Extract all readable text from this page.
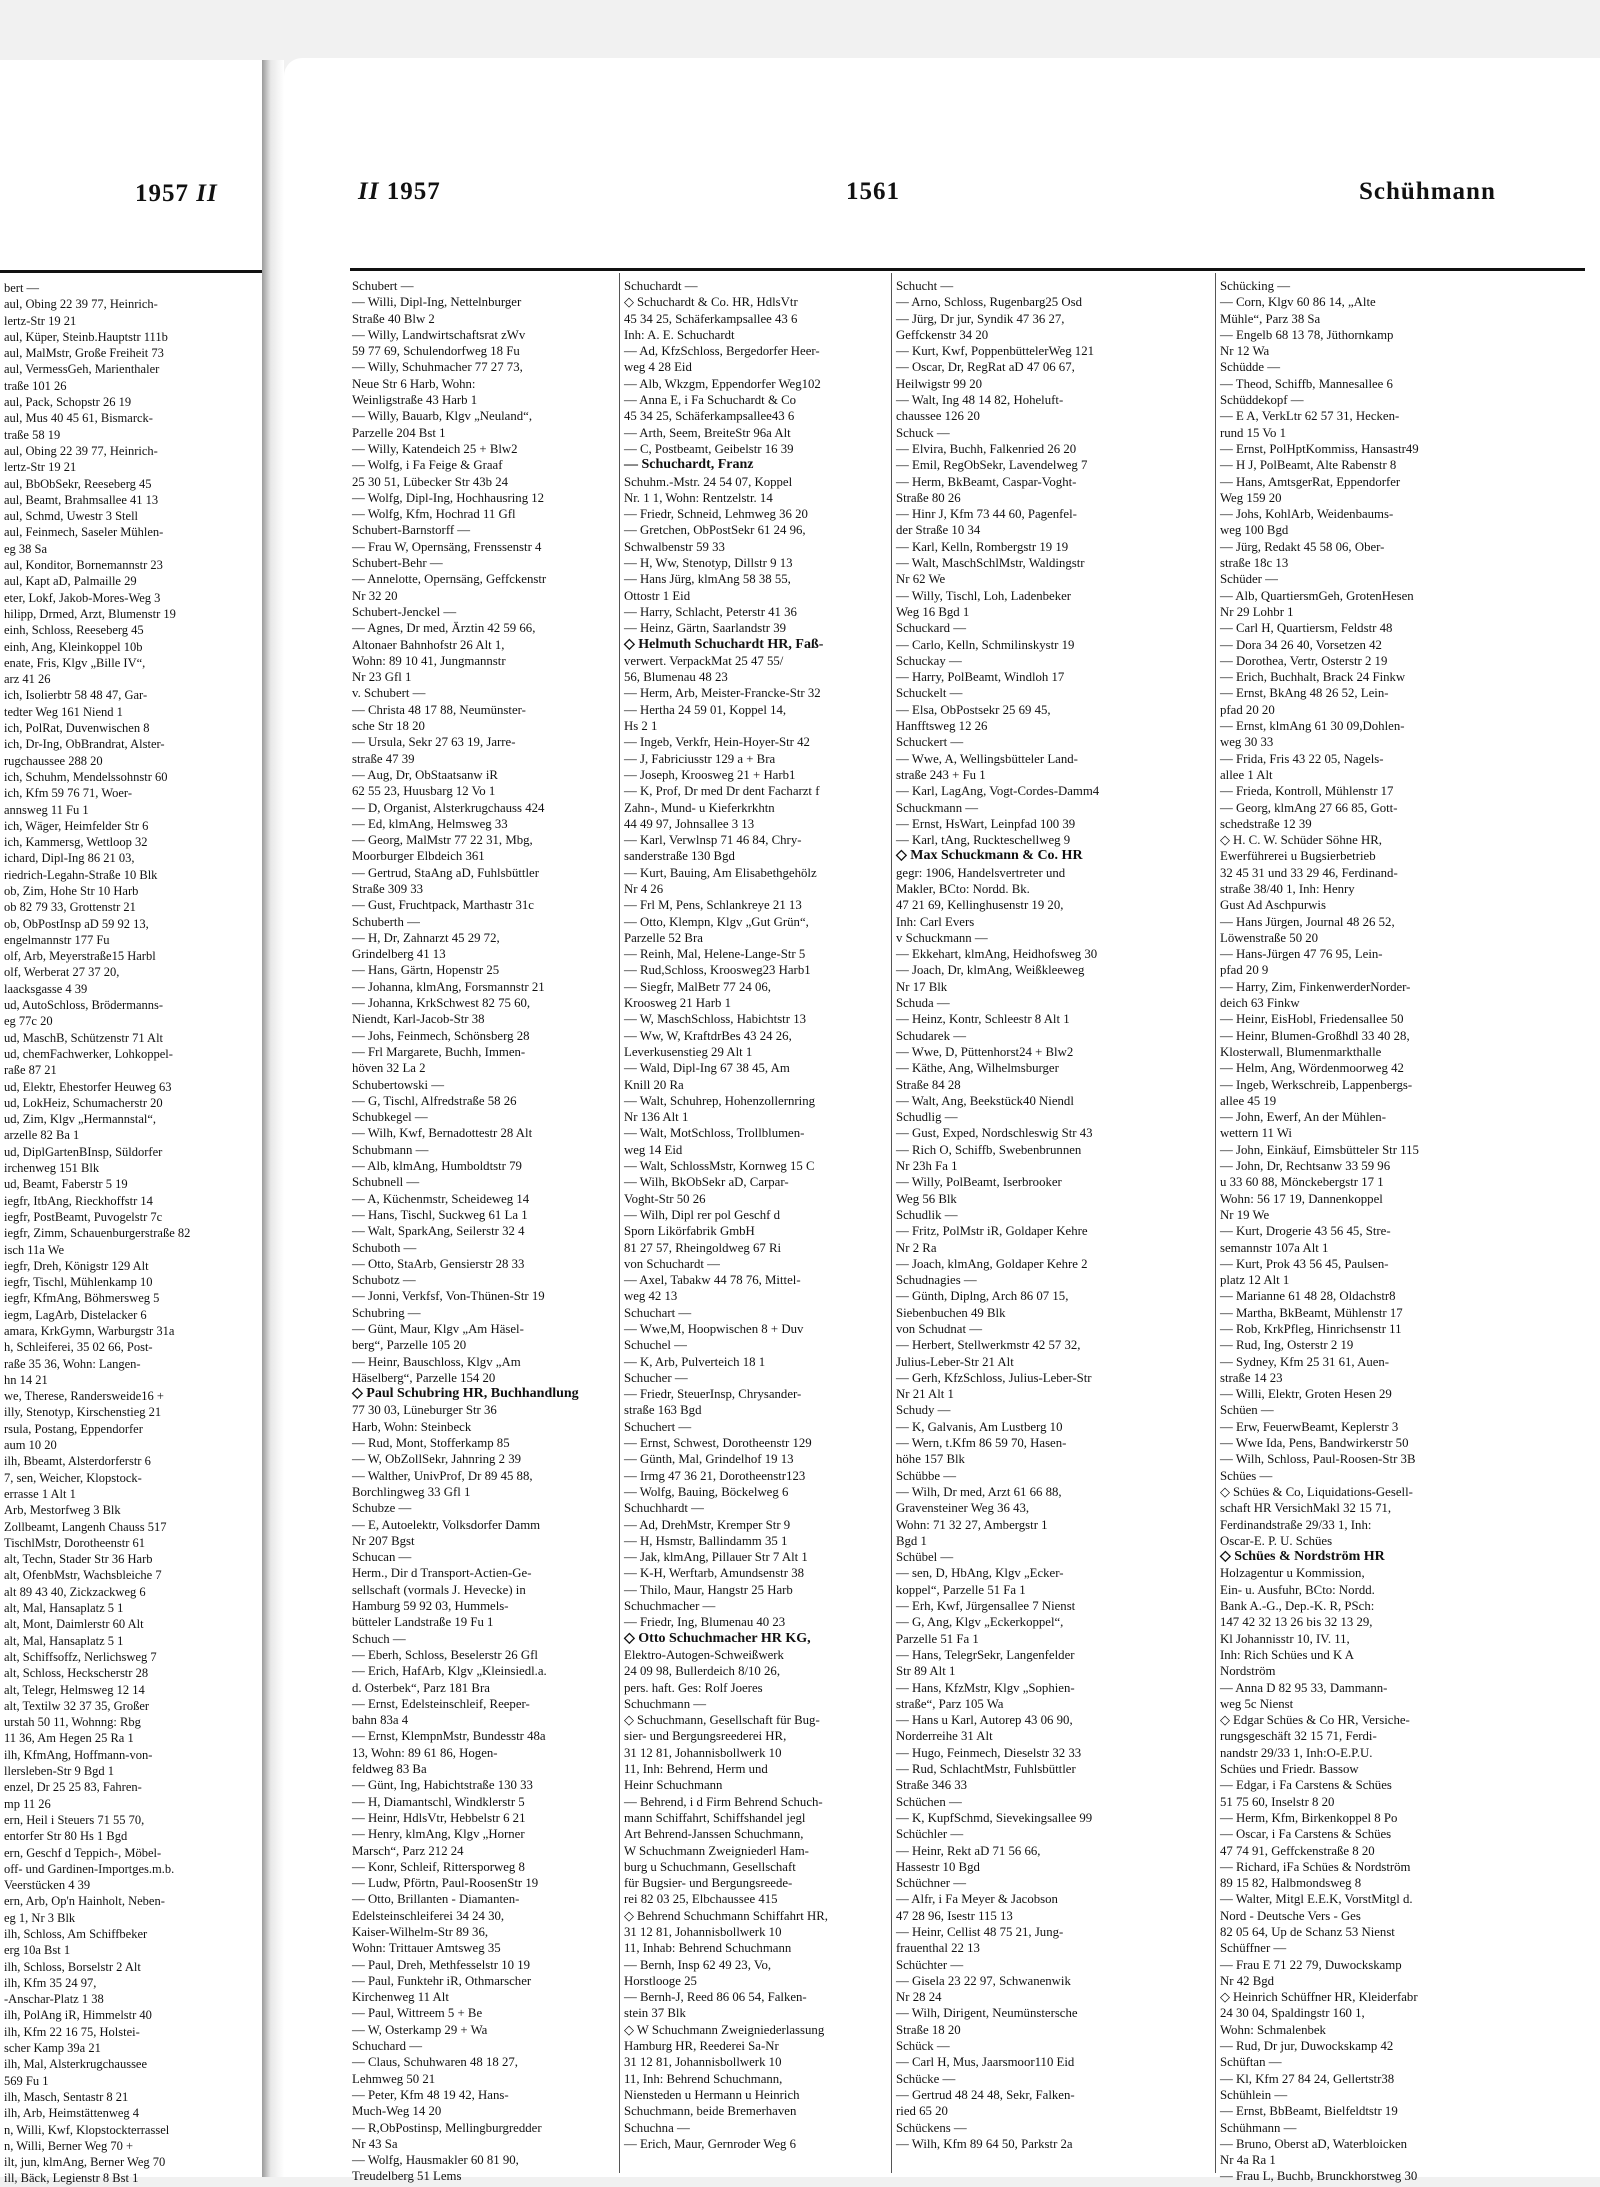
1957 II
bert —
aul, Obing 22 39 77, Heinrich-
lertz-Str 19 21
aul, Küper, Steinb.Hauptstr 111b
aul, MalMstr, Große Freiheit 73
aul, VermessGeh, Marienthaler
traße 101 26
aul, Pack, Schopstr 26 19
aul, Mus 40 45 61, Bismarck-
traße 58 19
aul, Obing 22 39 77, Heinrich-
lertz-Str 19 21
aul, BbObSekr, Reeseberg 45
aul, Beamt, Brahmsallee 41 13
aul, Schmd, Uwestr 3 Stell
aul, Feinmech, Saseler Mühlen-
eg 38 Sa
aul, Konditor, Bornemannstr 23
aul, Kapt aD, Palmaille 29
eter, Lokf, Jakob-Mores-Weg 3
hilipp, Drmed, Arzt, Blumenstr 19
einh, Schloss, Reeseberg 45
einh, Ang, Kleinkoppel 10b
enate, Fris, Klgv „Bille IV“,
arz 41 26
ich, Isolierbtr 58 48 47, Gar-
tedter Weg 161 Niend 1
ich, PolRat, Duvenwischen 8
ich, Dr-Ing, ObBrandrat, Alster-
rugchaussee 288 20
ich, Schuhm, Mendelssohnstr 60
ich, Kfm 59 76 71, Woer-
annsweg 11 Fu 1
ich, Wäger, Heimfelder Str 6
ich, Kammersg, Wettloop 32
ichard, Dipl-Ing 86 21 03,
riedrich-Legahn-Straße 10 Blk
ob, Zim, Hohe Str 10 Harb
ob 82 79 33, Grottenstr 21
ob, ObPostInsp aD 59 92 13,
engelmannstr 177 Fu
olf, Arb, Meyerstraße15 Harbl
olf, Werberat 27 37 20,
laacksgasse 4 39
ud, AutoSchloss, Brödermanns-
eg 77c 20
ud, MaschB, Schützenstr 71 Alt
ud, chemFachwerker, Lohkoppel-
raße 87 21
ud, Elektr, Ehestorfer Heuweg 63
ud, LokHeiz, Schumacherstr 20
ud, Zim, Klgv „Hermannstal“,
arzelle 82 Ba 1
ud, DiplGartenBInsp, Süldorfer
irchenweg 151 Blk
ud, Beamt, Faberstr 5 19
iegfr, ItbAng, Rieckhoffstr 14
iegfr, PostBeamt, Puvogelstr 7c
iegfr, Zimm, Schauenburgerstraße 82
isch 11a We
iegfr, Dreh, Königstr 129 Alt
iegfr, Tischl, Mühlenkamp 10
iegfr, KfmAng, Böhmersweg 5
iegm, LagArb, Distelacker 6
amara, KrkGymn, Warburgstr 31a
h, Schleiferei, 35 02 66, Post-
raße 35 36, Wohn: Langen-
hn 14 21
we, Therese, Randersweide16 +
illy, Stenotyp, Kirschenstieg 21
rsula, Postang, Eppendorfer
aum 10 20
ilh, Bbeamt, Alsterdorferstr 6
7, sen, Weicher, Klopstock-
errasse 1 Alt 1
Arb, Mestorfweg 3 Blk
Zollbeamt, Langenh Chauss 517
TischlMstr, Dorotheenstr 61
alt, Techn, Stader Str 36 Harb
alt, OfenbMstr, Wachsbleiche 7
alt 89 43 40, Zickzackweg 6
alt, Mal, Hansaplatz 5 1
alt, Mont, Daimlerstr 60 Alt
alt, Mal, Hansaplatz 5 1
alt, Schiffsoffz, Nerlichsweg 7
alt, Schloss, Heckscherstr 28
alt, Telegr, Helmsweg 12 14
alt, Textilw 32 37 35, Großer
urstah 50 11, Wohnng: Rbg
11 36, Am Hegen 25 Ra 1
ilh, KfmAng, Hoffmann-von-
llersleben-Str 9 Bgd 1
enzel, Dr 25 25 83, Fahren-
mp 11 26
ern, Heil i Steuers 71 55 70,
entorfer Str 80 Hs 1 Bgd
ern, Geschf d Teppich-, Möbel-
off- und Gardinen-Importges.m.b.
Veerstücken 4 39
ern, Arb, Op'n Hainholt, Neben-
eg 1, Nr 3 Blk
ilh, Schloss, Am Schiffbeker
erg 10a Bst 1
ilh, Schloss, Borselstr 2 Alt
ilh, Kfm 35 24 97,
-Anschar-Platz 1 38
ilh, PolAng iR, Himmelstr 40
ilh, Kfm 22 16 75, Holstei-
scher Kamp 39a 21
ilh, Mal, Alsterkrugchaussee
569 Fu 1
ilh, Masch, Sentastr 8 21
ilh, Arb, Heimstättenweg 4
n, Willi, Kwf, Klopstockterrassel
n, Willi, Berner Weg 70 +
ilt, jun, klmAng, Berner Weg 70
ill, Bäck, Legienstr 8 Bst 1
II 1957	1561	Schühmann
Schubert —
— Willi, Dipl-Ing, Nettelnburger
Straße 40 Blw 2
— Willy, Landwirtschaftsrat zWv
59 77 69, Schulendorfweg 18 Fu
— Willy, Schuhmacher 77 27 73,
Neue Str 6 Harb, Wohn:
Weinligstraße 43 Harb 1
— Willy, Bauarb, Klgv „Neuland“,
Parzelle 204 Bst 1
— Willy, Katendeich 25 + Blw2
— Wolfg, i Fa Feige & Graaf
25 30 51, Lübecker Str 43b 24
— Wolfg, Dipl-Ing, Hochhausring 12
— Wolfg, Kfm, Hochrad 11 Gfl
Schubert-Barnstorff —
— Frau W, Opernsäng, Frenssenstr 4
Schubert-Behr —
— Annelotte, Opernsäng, Geffckenstr
Nr 32 20
Schubert-Jenckel —
— Agnes, Dr med, Ärztin 42 59 66,
Altonaer Bahnhofstr 26 Alt 1,
Wohn: 89 10 41, Jungmannstr
Nr 23 Gfl 1
v. Schubert —
— Christa 48 17 88, Neumünster-
sche Str 18 20
— Ursula, Sekr 27 63 19, Jarre-
straße 47 39
— Aug, Dr, ObStaatsanw iR
62 55 23, Huusbarg 12 Vo 1
— D, Organist, Alsterkrugchauss 424
— Ed, klmAng, Helmsweg 33
— Georg, MalMstr 77 22 31, Mbg,
Moorburger Elbdeich 361
— Gertrud, StaAng aD, Fuhlsbüttler
Straße 309 33
— Gust, Fruchtpack, Marthastr 31c
Schuberth —
— H, Dr, Zahnarzt 45 29 72,
Grindelberg 41 13
— Hans, Gärtn, Hopenstr 25
— Johanna, klmAng, Forsmannstr 21
— Johanna, KrkSchwest 82 75 60,
Niendt, Karl-Jacob-Str 38
— Johs, Feinmech, Schönsberg 28
— Frl Margarete, Buchh, Immen-
höven 32 La 2
Schubertowski —
— G, Tischl, Alfredstraße 58 26
Schubkegel —
— Wilh, Kwf, Bernadottestr 28 Alt
Schubmann —
— Alb, klmAng, Humboldtstr 79
Schubnell —
— A, Küchenmstr, Scheideweg 14
— Hans, Tischl, Suckweg 61 La 1
— Walt, SparkAng, Seilerstr 32 4
Schuboth —
— Otto, StaArb, Gensierstr 28 33
Schubotz —
— Jonni, Verkfsf, Von-Thünen-Str 19
Schubring —
— Günt, Maur, Klgv „Am Häsel-
berg“, Parzelle 105 20
— Heinr, Bauschloss, Klgv „Am
Häselberg“, Parzelle 154 20
◇ Paul Schubring HR, Buchhandlung
77 30 03, Lüneburger Str 36
Harb, Wohn: Steinbeck
— Rud, Mont, Stofferkamp 85
— W, ObZollSekr, Jahnring 2 39
— Walther, UnivProf, Dr 89 45 88,
Borchlingweg 33 Gfl 1
Schubze —
— E, Autoelektr, Volksdorfer Damm
Nr 207 Bgst
Schucan —
Herm., Dir d Transport-Actien-Ge-
sellschaft (vormals J. Hevecke) in
Hamburg 59 92 03, Hummels-
bütteler Landstraße 19 Fu 1
Schuch —
— Eberh, Schloss, Beselerstr 26 Gfl
— Erich, HafArb, Klgv „Kleinsiedl.a.
d. Osterbek“, Parz 181 Bra
— Ernst, Edelsteinschleif, Reeper-
bahn 83a 4
— Ernst, KlempnMstr, Bundesstr 48a
13, Wohn: 89 61 86, Hogen-
feldweg 83 Ba
— Günt, Ing, Habichtstraße 130 33
— H, Diamantschl, Windklerstr 5
— Heinr, HdlsVtr, Hebbelstr 6 21
— Henry, klmAng, Klgv „Horner
Marsch“, Parz 212 24
— Konr, Schleif, Rittersporweg 8
— Ludw, Pförtn, Paul-RoosenStr 19
— Otto, Brillanten - Diamanten-
Edelsteinschleiferei 34 24 30,
Kaiser-Wilhelm-Str 89 36,
Wohn: Trittauer Amtsweg 35
— Paul, Dreh, Methfesselstr 10 19
— Paul, Funktehr iR, Othmarscher
Kirchenweg 11 Alt
— Paul, Wittreem 5 + Be
— W, Osterkamp 29 + Wa
Schuchard —
— Claus, Schuhwaren 48 18 27,
Lehmweg 50 21
— Peter, Kfm 48 19 42, Hans-
Much-Weg 14 20
— R,ObPostinsp, Mellingburgredder
Nr 43 Sa
— Wolfg, Hausmakler 60 81 90,
Treudelberg 51 Lems
Schuchardt —
◇ Schuchardt & Co. HR, HdlsVtr
45 34 25, Schäferkampsallee 43 6
Inh: A. E. Schuchardt
— Ad, KfzSchloss, Bergedorfer Heer-
weg 4 28 Eid
— Alb, Wkzgm, Eppendorfer Weg102
— Anna E, i Fa Schuchardt & Co
45 34 25, Schäferkampsallee43 6
— Arth, Seem, BreiteStr 96a Alt
— C, Postbeamt, Geibelstr 16 39
— Schuchardt, Franz
Schuhm.-Mstr. 24 54 07, Koppel
Nr. 1 1, Wohn: Rentzelstr. 14
— Friedr, Schneid, Lehmweg 36 20
— Gretchen, ObPostSekr 61 24 96,
Schwalbenstr 59 33
— H, Ww, Stenotyp, Dillstr 9 13
— Hans Jürg, klmAng 58 38 55,
Ottostr 1 Eid
— Harry, Schlacht, Peterstr 41 36
— Heinz, Gärtn, Saarlandstr 39
◇ Helmuth Schuchardt HR, Faß-
verwert. VerpackMat 25 47 55/
56, Blumenau 48 23
— Herm, Arb, Meister-Francke-Str 32
— Hertha 24 59 01, Koppel 14,
Hs 2 1
— Ingeb, Verkfr, Hein-Hoyer-Str 42
— J, Fabriciusstr 129 a + Bra
— Joseph, Kroosweg 21 + Harb1
— K, Prof, Dr med Dr dent Facharzt f
Zahn-, Mund- u Kieferkrkhtn
44 49 97, Johnsallee 3 13
— Karl, Verwlnsp 71 46 84, Chry-
sanderstraße 130 Bgd
— Kurt, Bauing, Am Elisabethgehölz
Nr 4 26
— Frl M, Pens, Schlankreye 21 13
— Otto, Klempn, Klgv „Gut Grün“,
Parzelle 52 Bra
— Reinh, Mal, Helene-Lange-Str 5
— Rud,Schloss, Kroosweg23 Harb1
— Siegfr, MalBetr 77 24 06,
Kroosweg 21 Harb 1
— W, MaschSchloss, Habichtstr 13
— Ww, W, KraftdrBes 43 24 26,
Leverkusenstieg 29 Alt 1
— Wald, Dipl-Ing 67 38 45, Am
Knill 20 Ra
— Walt, Schuhrep, Hohenzollernring
Nr 136 Alt 1
— Walt, MotSchloss, Trollblumen-
weg 14 Eid
— Walt, SchlossMstr, Kornweg 15 C
— Wilh, BkObSekr aD, Carpar-
Voght-Str 50 26
— Wilh, Dipl rer pol Geschf d
Sporn Likörfabrik GmbH
81 27 57, Rheingoldweg 67 Ri
von Schuchardt —
— Axel, Tabakw 44 78 76, Mittel-
weg 42 13
Schuchart —
— Wwe,M, Hoopwischen 8 + Duv
Schuchel —
— K, Arb, Pulverteich 18 1
Schucher —
— Friedr, SteuerInsp, Chrysander-
straße 163 Bgd
Schuchert —
— Ernst, Schwest, Dorotheenstr 129
— Günth, Mal, Grindelhof 19 13
— Irmg 47 36 21, Dorotheenstr123
— Wolfg, Bauing, Böckelweg 6
Schuchhardt —
— Ad, DrehMstr, Kremper Str 9
— H, Hsmstr, Ballindamm 35 1
— Jak, klmAng, Pillauer Str 7 Alt 1
— K-H, Werftarb, Amundsenstr 38
— Thilo, Maur, Hangstr 25 Harb
Schuchmacher —
— Friedr, Ing, Blumenau 40 23
◇ Otto Schuchmacher HR KG,
Elektro-Autogen-Schweißwerk
24 09 98, Bullerdeich 8/10 26,
pers. haft. Ges: Rolf Joeres
Schuchmann —
◇ Schuchmann, Gesellschaft für Bug-
sier- und Bergungsreederei HR,
31 12 81, Johannisbollwerk 10
11, Inh: Behrend, Herm und
Heinr Schuchmann
— Behrend, i d Firm Behrend Schuch-
mann Schiffahrt, Schiffshandel jegl
Art Behrend-Janssen Schuchmann,
W Schuchmann Zweigniederl Ham-
burg u Schuchmann, Gesellschaft
für Bugsier- und Bergungsreede-
rei 82 03 25, Elbchaussee 415
◇ Behrend Schuchmann Schiffahrt HR,
31 12 81, Johannisbollwerk 10
11, Inhab: Behrend Schuchmann
— Bernh, Insp 62 49 23, Vo,
Horstloogе 25
— Bernh-J, Reed 86 06 54, Falken-
stein 37 Blk
◇ W Schuchmann Zweigniederlassung
Hamburg HR, Reederei Sa-Nr
31 12 81, Johannisbollwerk 10
11, Inh: Behrend Schuchmann,
Niensteden u Hermann u Heinrich
Schuchmann, beide Bremerhaven
Schuchna —
— Erich, Maur, Gernroder Weg 6
Schucht —
— Arno, Schloss, Rugenbarg25 Osd
— Jürg, Dr jur, Syndik 47 36 27,
Geffckenstr 34 20
— Kurt, Kwf, PoppenbüttelerWeg 121
— Oscar, Dr, RegRat aD 47 06 67,
Heilwigstr 99 20
— Walt, Ing 48 14 82, Hoheluft-
chaussee 126 20
Schuck —
— Elvira, Buchh, Falkenried 26 20
— Emil, RegObSekr, Lavendelweg 7
— Herm, BkBeamt, Caspar-Voght-
Straße 80 26
— Hinr J, Kfm 73 44 60, Pagenfel-
der Straße 10 34
— Karl, Kelln, Rombergstr 19 19
— Walt, MaschSchlMstr, Waldingstr
Nr 62 We
— Willy, Tischl, Loh, Ladenbeker
Weg 16 Bgd 1
Schuckard —
— Carlo, Kelln, Schmilinskystr 19
Schuckay —
— Harry, PolBeamt, Windloh 17
Schuckelt —
— Elsa, ObPostsekr 25 69 45,
Hanfftsweg 12 26
Schuckert —
— Wwe, A, Wellingsbütteler Land-
straße 243 + Fu 1
— Karl, LagAng, Vogt-Cordes-Damm4
Schuckmann —
— Ernst, HsWart, Leinpfad 100 39
— Karl, tAng, Ruckteschellweg 9
◇ Max Schuckmann & Co. HR
gegr: 1906, Handelsvertreter und
Makler, BCto: Nordd. Bk.
47 21 69, Kellinghusenstr 19 20,
Inh: Carl Evers
v Schuckmann —
— Ekkehart, klmAng, Heidhofsweg 30
— Joach, Dr, klmAng, Weißkleeweg
Nr 17 Blk
Schuda —
— Heinz, Kontr, Schleestr 8 Alt 1
Schudarek —
— Wwe, D, Püttenhorst24 + Blw2
— Käthe, Ang, Wilhelmsburger
Straße 84 28
— Walt, Ang, Beekstück40 Niendl
Schudlig —
— Gust, Exped, Nordschleswig Str 43
— Rich O, Schiffb, Swebenbrunnen
Nr 23h Fa 1
— Willy, PolBeamt, Iserbrooker
Weg 56 Blk
Schudlik —
— Fritz, PolMstr iR, Goldaper Kehre
Nr 2 Ra
— Joach, klmAng, Goldaper Kehre 2
Schudnagies —
— Günth, Diplng, Arch 86 07 15,
Siebenbuchen 49 Blk
von Schudnat —
— Herbert, Stellwerkmstr 42 57 32,
Julius-Leber-Str 21 Alt
— Gerh, KfzSchloss, Julius-Leber-Str
Nr 21 Alt 1
Schudy —
— K, Galvanis, Am Lustberg 10
— Wern, t.Kfm 86 59 70, Hasen-
höhe 157 Blk
Schübbe —
— Wilh, Dr med, Arzt 61 66 88,
Gravensteiner Weg 36 43,
Wohn: 71 32 27, Ambergstr 1
Bgd 1
Schübel —
— sen, D, HbAng, Klgv „Ecker-
koppel“, Parzelle 51 Fa 1
— Erh, Kwf, Jürgensallee 7 Nienst
— G, Ang, Klgv „Eckerkoppel“,
Parzelle 51 Fa 1
— Hans, TelegrSekr, Langenfelder
Str 89 Alt 1
— Hans, KfzMstr, Klgv „Sophien-
straße“, Parz 105 Wa
— Hans u Karl, Autorep 43 06 90,
Norderreihe 31 Alt
— Hugo, Feinmech, Dieselstr 32 33
— Rud, SchlachtMstr, Fuhlsbüttler
Straße 346 33
Schüchen —
— K, KupfSchmd, Sievekingsallee 99
Schüchler —
— Heinr, Rekt aD 71 56 66,
Hassestr 10 Bgd
Schüchner —
— Alfr, i Fa Meyer & Jacobson
47 28 96, Isestr 115 13
— Heinr, Cellist 48 75 21, Jung-
frauenthal 22 13
Schüchter —
— Gisela 23 22 97, Schwanenwik
Nr 28 24
— Wilh, Dirigent, Neumünstersche
Straße 18 20
Schück —
— Carl H, Mus, Jaarsmoor110 Eid
Schücke —
— Gertrud 48 24 48, Sekr, Falken-
ried 65 20
Schückens —
— Wilh, Kfm 89 64 50, Parkstr 2a
Schücking —
— Corn, Klgv 60 86 14, „Alte
Mühle“, Parz 38 Sa
— Engelb 68 13 78, Jüthornkamp
Nr 12 Wa
Schüdde —
— Theod, Schiffb, Mannesallee 6
Schüddekopf —
— E A, VerkLtr 62 57 31, Hecken-
rund 15 Vo 1
— Ernst, PolHptKommiss, Hansastr49
— H J, PolBeamt, Alte Rabenstr 8
— Hans, AmtsgerRat, Eppendorfer
Weg 159 20
— Johs, KohlArb, Weidenbaums-
weg 100 Bgd
— Jürg, Redakt 45 58 06, Ober-
straße 18c 13
Schüder —
— Alb, QuartiersmGeh, GrotenHesen
Nr 29 Lohbr 1
— Carl H, Quartiersm, Feldstr 48
— Dora 34 26 40, Vorsetzen 42
— Dorothea, Vertr, Osterstr 2 19
— Erich, Buchhalt, Brack 24 Finkw
— Ernst, BkAng 48 26 52, Lein-
pfad 20 20
— Ernst, klmAng 61 30 09,Dohlen-
weg 30 33
— Frida, Fris 43 22 05, Nagels-
allee 1 Alt
— Frieda, Kontroll, Mühlenstr 17
— Georg, klmAng 27 66 85, Gott-
schedstraße 12 39
◇ H. C. W. Schüder Söhne HR,
Ewerführerei u Bugsierbetrieb
32 45 31 und 33 29 46, Ferdinand-
straße 38/40 1, Inh: Henry
Gust Ad Aschpurwis
— Hans Jürgen, Journal 48 26 52,
Löwenstraße 50 20
— Hans-Jürgen 47 76 95, Lein-
pfad 20 9
— Harry, Zim, FinkenwerderNorder-
deich 63 Finkw
— Heinr, EisHobl, Friedensallee 50
— Heinr, Blumen-Großhdl 33 40 28,
Klosterwall, Blumenmarkthalle
— Helm, Ang, Wördenmoorweg 42
— Ingeb, Werkschreib, Lappenbergs-
allee 45 19
— John, Ewerf, An der Mühlen-
wettern 11 Wi
— John, Einkäuf, Eimsbütteler Str 115
— John, Dr, Rechtsanw 33 59 96
u 33 60 88, Mönckebergstr 17 1
Wohn: 56 17 19, Dannenkoppel
Nr 19 We
— Kurt, Drogerie 43 56 45, Stre-
semannstr 107a Alt 1
— Kurt, Prok 43 56 45, Paulsen-
platz 12 Alt 1
— Marianne 61 48 28, Oldachstr8
— Martha, BkBeamt, Mühlenstr 17
— Rob, KrkPfleg, Hinrichsenstr 11
— Rud, Ing, Osterstr 2 19
— Sydney, Kfm 25 31 61, Auen-
straße 14 23
— Willi, Elektr, Groten Hesen 29
Schüen —
— Erw, FeuerwBeamt, Keplerstr 3
— Wwe Ida, Pens, Bandwirkerstr 50
— Wilh, Schloss, Paul-Roosen-Str 3B
Schües —
◇ Schües & Co, Liquidations-Gesell-
schaft HR VersichMakl 32 15 71,
Ferdinandstraße 29/33 1, Inh:
Oscar-E. P. U. Schües
◇ Schües & Nordström HR
Holzagentur u Kommission,
Ein- u. Ausfuhr, BCto: Nordd.
Bank A.-G., Dep.-K. R, PSch:
147 42 32 13 26 bis 32 13 29,
Kl Johannisstr 10, IV. 11,
Inh: Rich Schües und K A
Nordström
— Anna D 82 95 33, Dammann-
weg 5c Nienst
◇ Edgar Schües & Co HR, Versiche-
rungsgeschäft 32 15 71, Ferdi-
nandstr 29/33 1, Inh:O-E.P.U.
Schües und Friedr. Bassow
— Edgar, i Fa Carstens & Schües
51 75 60, Inselstr 8 20
— Herm, Kfm, Birkenkoppel 8 Po
— Oscar, i Fa Carstens & Schües
47 74 91, Geffckenstraße 8 20
— Richard, iFa Schües & Nordström
89 15 82, Halbmondsweg 8
— Walter, Mitgl E.E.K, VorstMitgl d.
Nord - Deutsche Vers - Ges
82 05 64, Up de Schanz 53 Nienst
Schüffner —
— Frau E 71 22 79, Duwockskamp
Nr 42 Bgd
◇ Heinrich Schüffner HR, Kleiderfabr
24 30 04, Spaldingstr 160 1,
Wohn: Schmalenbek
— Rud, Dr jur, Duwockskamp 42
Schüftan —
— Kl, Kfm 27 84 24, Gellertstr38
Schühlein —
— Ernst, BbBeamt, Bielfeldtstr 19
Schühmann —
— Bruno, Oberst aD, Waterbloicken
Nr 4a Ra 1
— Frau L, Buchb, Brunckhorstweg 30
